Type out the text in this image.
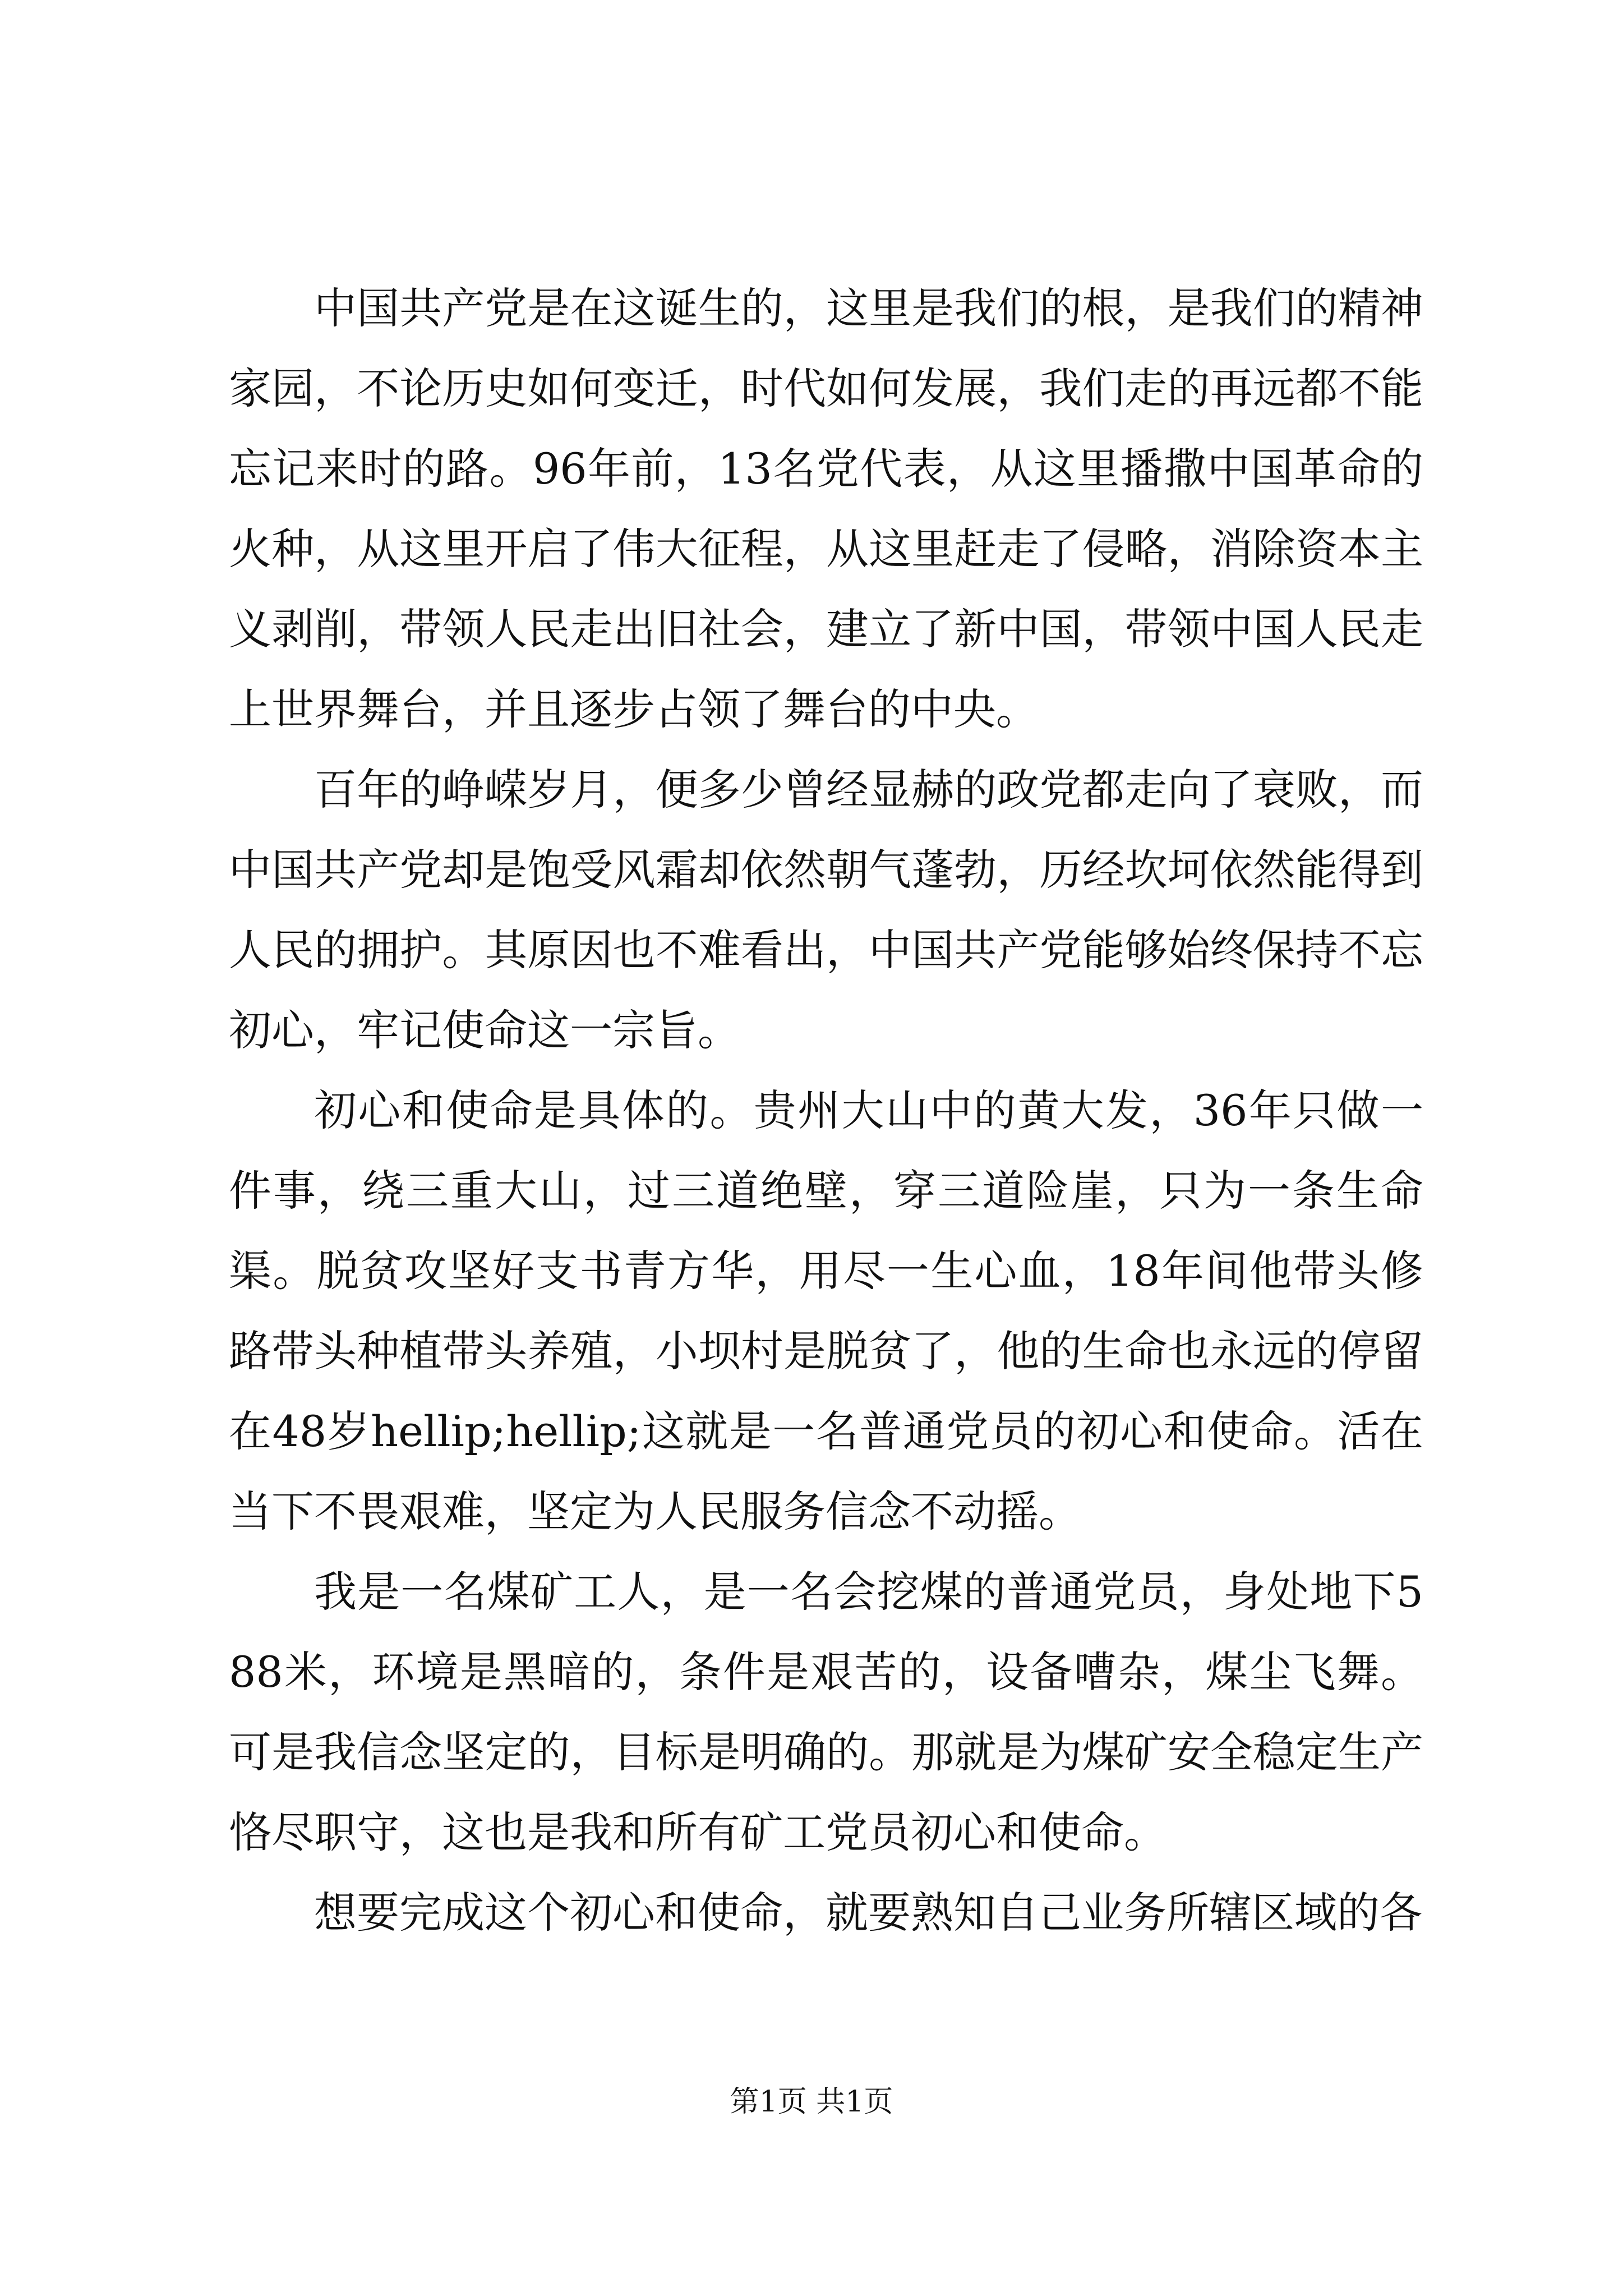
中国共产党是在这诞生的，这里是我们的根，是我们的精神家园，不论历史如何变迁，时代如何发展，我们走的再远都不能忘记来时的路。96年前，13名党代表，从这里播撒中国革命的火种，从这里开启了伟大征程，从这里赶走了侵略，消除资本主义剥削，带领人民走出旧社会，建立了新中国，带领中国人民走上世界舞台，并且逐步占领了舞台的中央。

百年的峥嵘岁月，便多少曾经显赫的政党都走向了衰败，而中国共产党却是饱受风霜却依然朝气蓬勃，历经坎坷依然能得到人民的拥护。其原因也不难看出，中国共产党能够始终保持不忘初心，牢记使命这一宗旨。

初心和使命是具体的。贵州大山中的黄大发，36年只做一件事，绕三重大山，过三道绝壁，穿三道险崖，只为一条生命渠。脱贫攻坚好支书青方华，用尽一生心血，18年间他带头修路带头种植带头养殖，小坝村是脱贫了，他的生命也永远的停留在48岁hellip;hellip;这就是一名普通党员的初心和使命。活在当下不畏艰难，坚定为人民服务信念不动摇。

我是一名煤矿工人，是一名会挖煤的普通党员，身处地下588米，环境是黑暗的，条件是艰苦的，设备嘈杂，煤尘飞舞。可是我信念坚定的，目标是明确的。那就是为煤矿安全稳定生产恪尽职守，这也是我和所有矿工党员初心和使命。

想要完成这个初心和使命，就要熟知自己业务所辖区域的各

第1页 共1页
